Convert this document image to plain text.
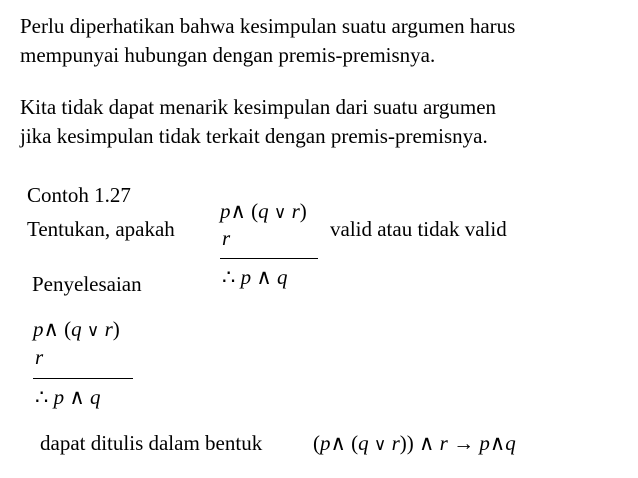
Perlu diperhatikan bahwa kesimpulan suatu argumen harus
mempunyai hubungan dengan premis-premisnya.
Kita tidak dapat menarik kesimpulan dari suatu argumen
jika kesimpulan tidak terkait dengan premis-premisnya.
Contoh 1.27
Tentukan, apakah
p∧ (q ∨ r)
r
∴ p ∧ q
valid atau tidak valid
Penyelesaian
p∧ (q ∨ r)
r
∴ p ∧ q
dapat ditulis dalam bentuk (p∧ (q ∨ r)) ∧ r → p∧q
